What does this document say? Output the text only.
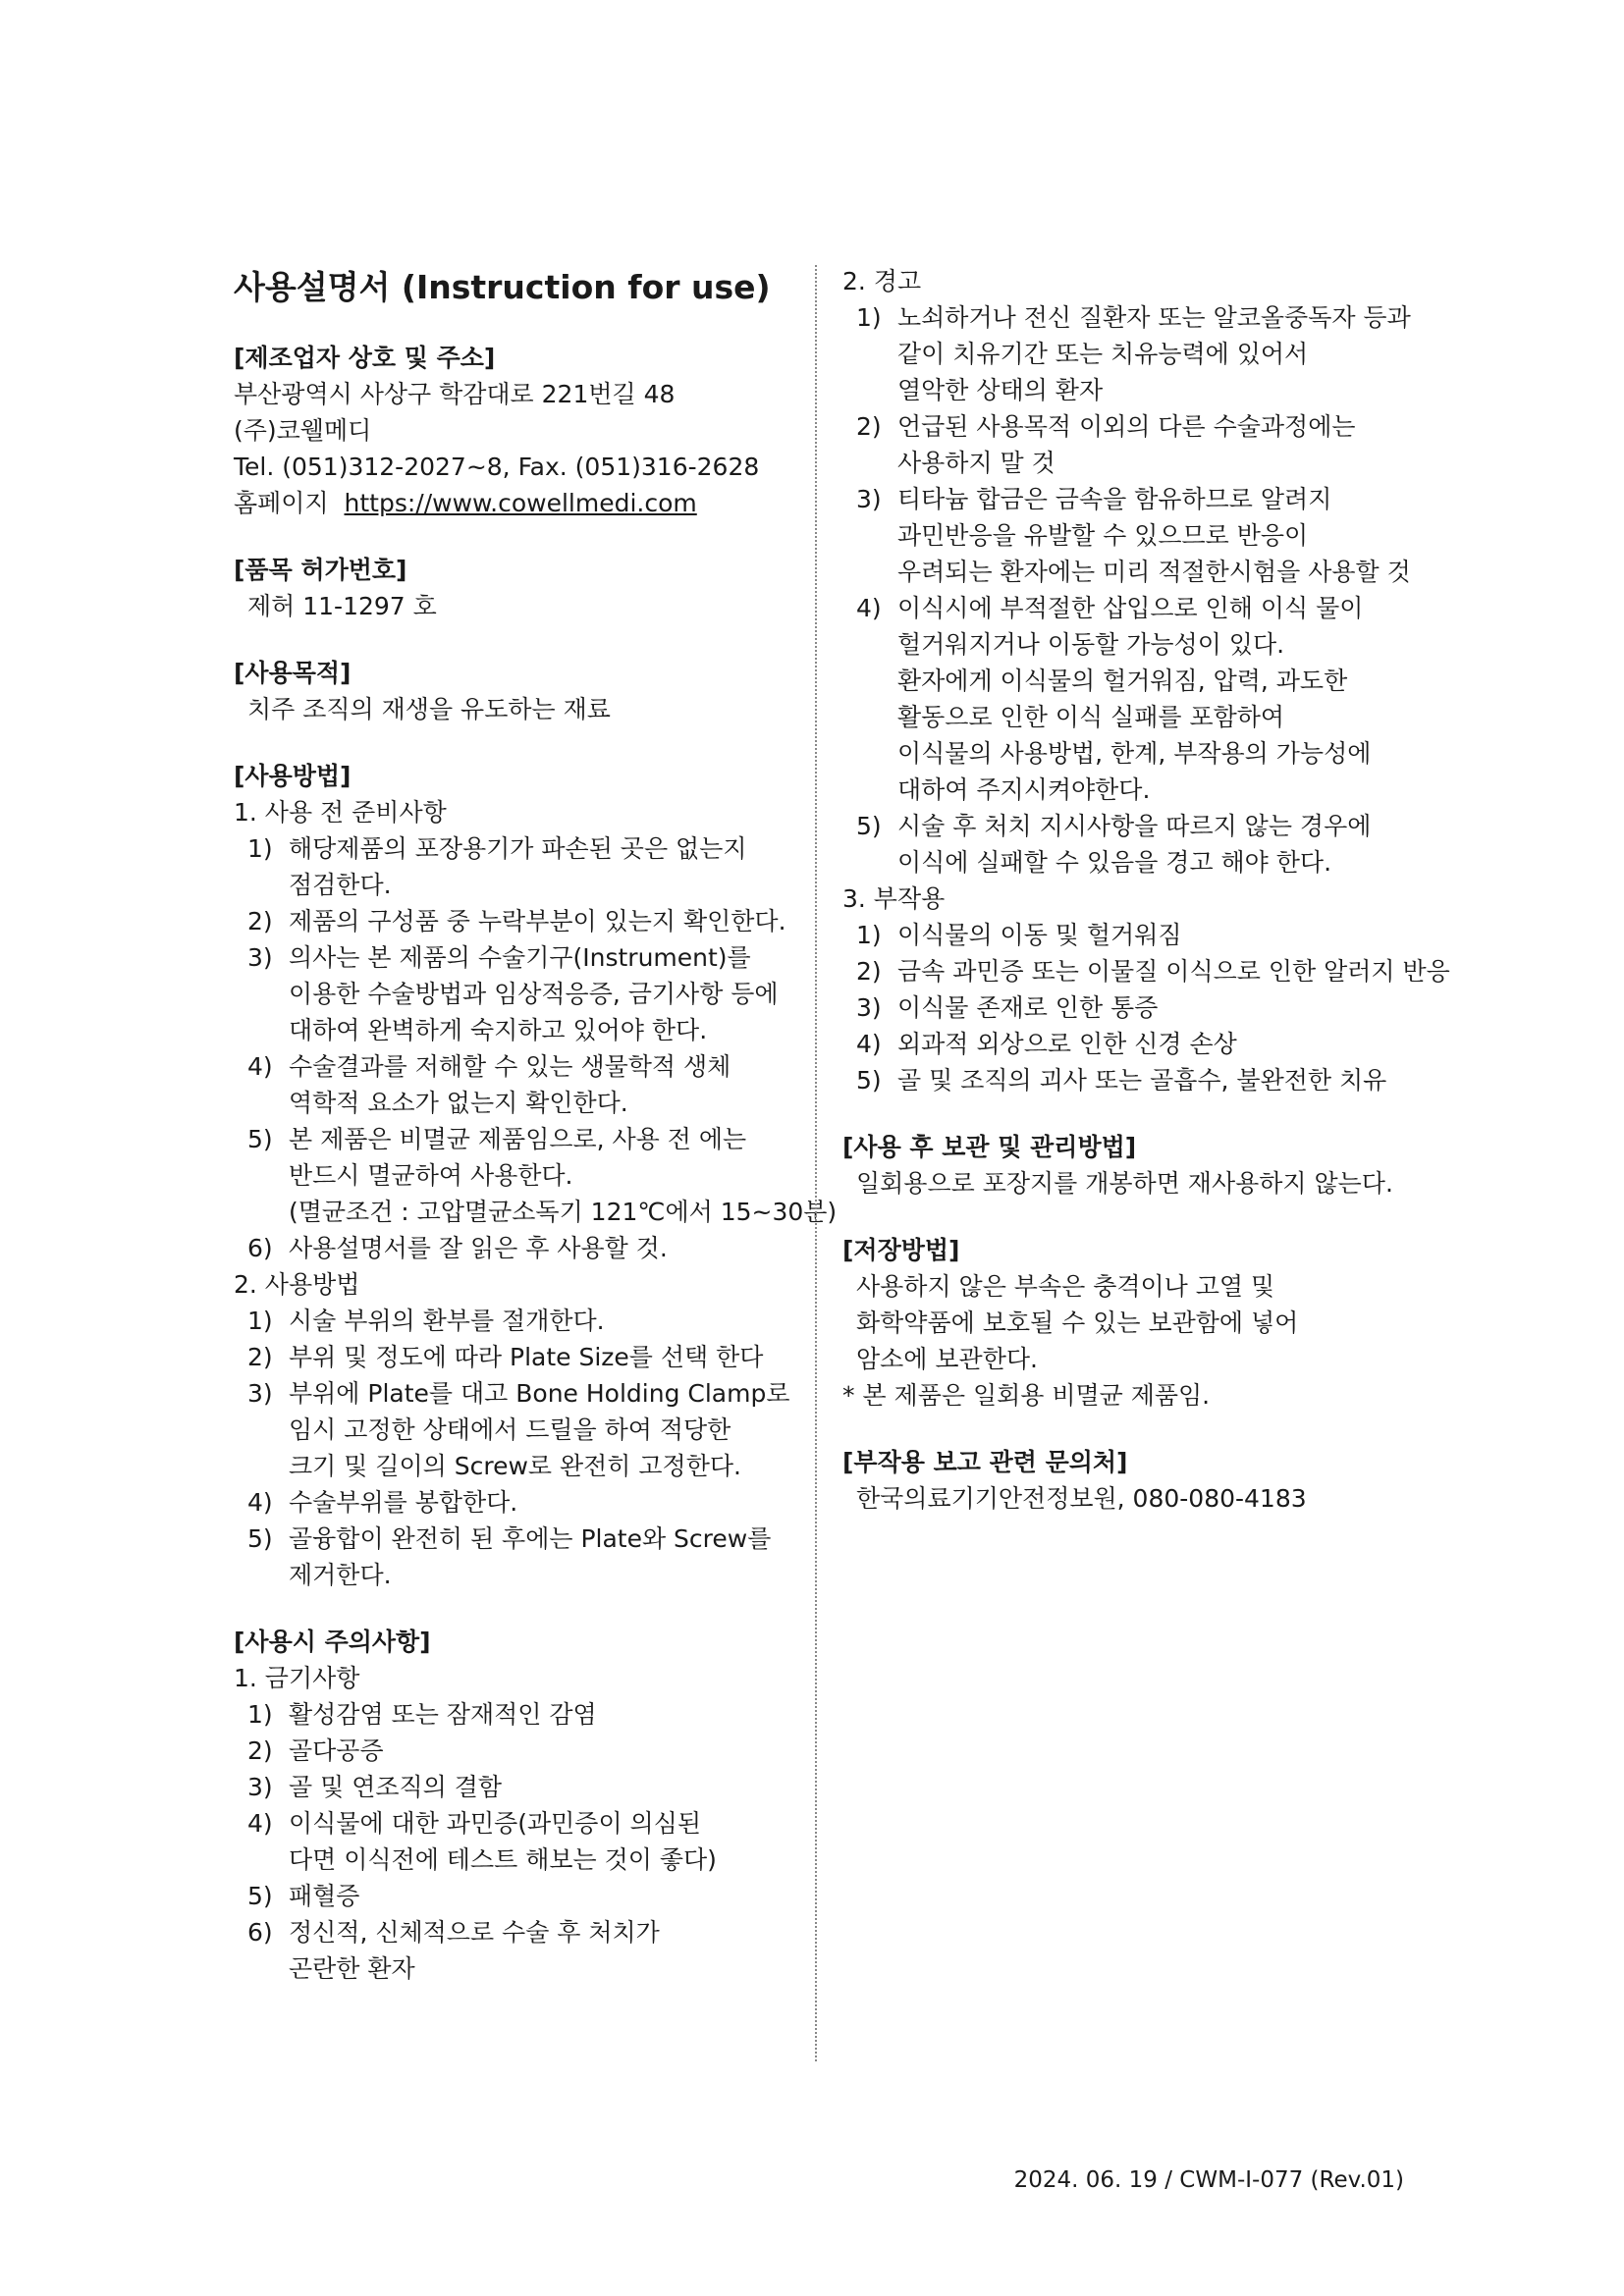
사용설명서 (Instruction for use)
[제조업자 상호 및 주소]
부산광역시 사상구 학감대로 221번길 48
(주)코웰메디
Tel. (051)312-2027~8, Fax. (051)316-2628
홈페이지 https://www.cowellmedi.com
[품목 허가번호]
제허 11-1297 호
[사용목적]
치주 조직의 재생을 유도하는 재료
[사용방법]
1. 사용 전 준비사항
1) 해당제품의 포장용기가 파손된 곳은 없는지
점검한다.
2) 제품의 구성품 중 누락부분이 있는지 확인한다.
3) 의사는 본 제품의 수술기구(Instrument)를
이용한 수술방법과 임상적응증, 금기사항 등에
대하여 완벽하게 숙지하고 있어야 한다.
4) 수술결과를 저해할 수 있는 생물학적 생체
역학적 요소가 없는지 확인한다.
5) 본 제품은 비멸균 제품임으로, 사용 전 에는
반드시 멸균하여 사용한다.
(멸균조건 : 고압멸균소독기 121℃에서 15~30분)
6) 사용설명서를 잘 읽은 후 사용할 것.
2. 사용방법
1) 시술 부위의 환부를 절개한다.
2) 부위 및 정도에 따라 Plate Size를 선택 한다
3) 부위에 Plate를 대고 Bone Holding Clamp로
임시 고정한 상태에서 드릴을 하여 적당한
크기 및 길이의 Screw로 완전히 고정한다.
4) 수술부위를 봉합한다.
5) 골융합이 완전히 된 후에는 Plate와 Screw를
제거한다.
[사용시 주의사항]
1. 금기사항
1) 활성감염 또는 잠재적인 감염
2) 골다공증
3) 골 및 연조직의 결함
4) 이식물에 대한 과민증(과민증이 의심된
다면 이식전에 테스트 해보는 것이 좋다)
5) 패혈증
6) 정신적, 신체적으로 수술 후 처치가
곤란한 환자
2. 경고
1) 노쇠하거나 전신 질환자 또는 알코올중독자 등과
같이 치유기간 또는 치유능력에 있어서
열악한 상태의 환자
2) 언급된 사용목적 이외의 다른 수술과정에는
사용하지 말 것
3) 티타늄 합금은 금속을 함유하므로 알려지
과민반응을 유발할 수 있으므로 반응이
우려되는 환자에는 미리 적절한시험을 사용할 것
4) 이식시에 부적절한 삽입으로 인해 이식 물이
헐거워지거나 이동할 가능성이 있다.
환자에게 이식물의 헐거워짐, 압력, 과도한
활동으로 인한 이식 실패를 포함하여
이식물의 사용방법, 한계, 부작용의 가능성에
대하여 주지시켜야한다.
5) 시술 후 처치 지시사항을 따르지 않는 경우에
이식에 실패할 수 있음을 경고 해야 한다.
3. 부작용
1) 이식물의 이동 및 헐거워짐
2) 금속 과민증 또는 이물질 이식으로 인한 알러지 반응
3) 이식물 존재로 인한 통증
4) 외과적 외상으로 인한 신경 손상
5) 골 및 조직의 괴사 또는 골흡수, 불완전한 치유
[사용 후 보관 및 관리방법]
일회용으로 포장지를 개봉하면 재사용하지 않는다.
[저장방법]
사용하지 않은 부속은 충격이나 고열 및
화학약품에 보호될 수 있는 보관함에 넣어
암소에 보관한다.
* 본 제품은 일회용 비멸균 제품임.
[부작용 보고 관련 문의처]
한국의료기기안전정보원, 080-080-4183
2024. 06. 19 / CWM-I-077 (Rev.01)
